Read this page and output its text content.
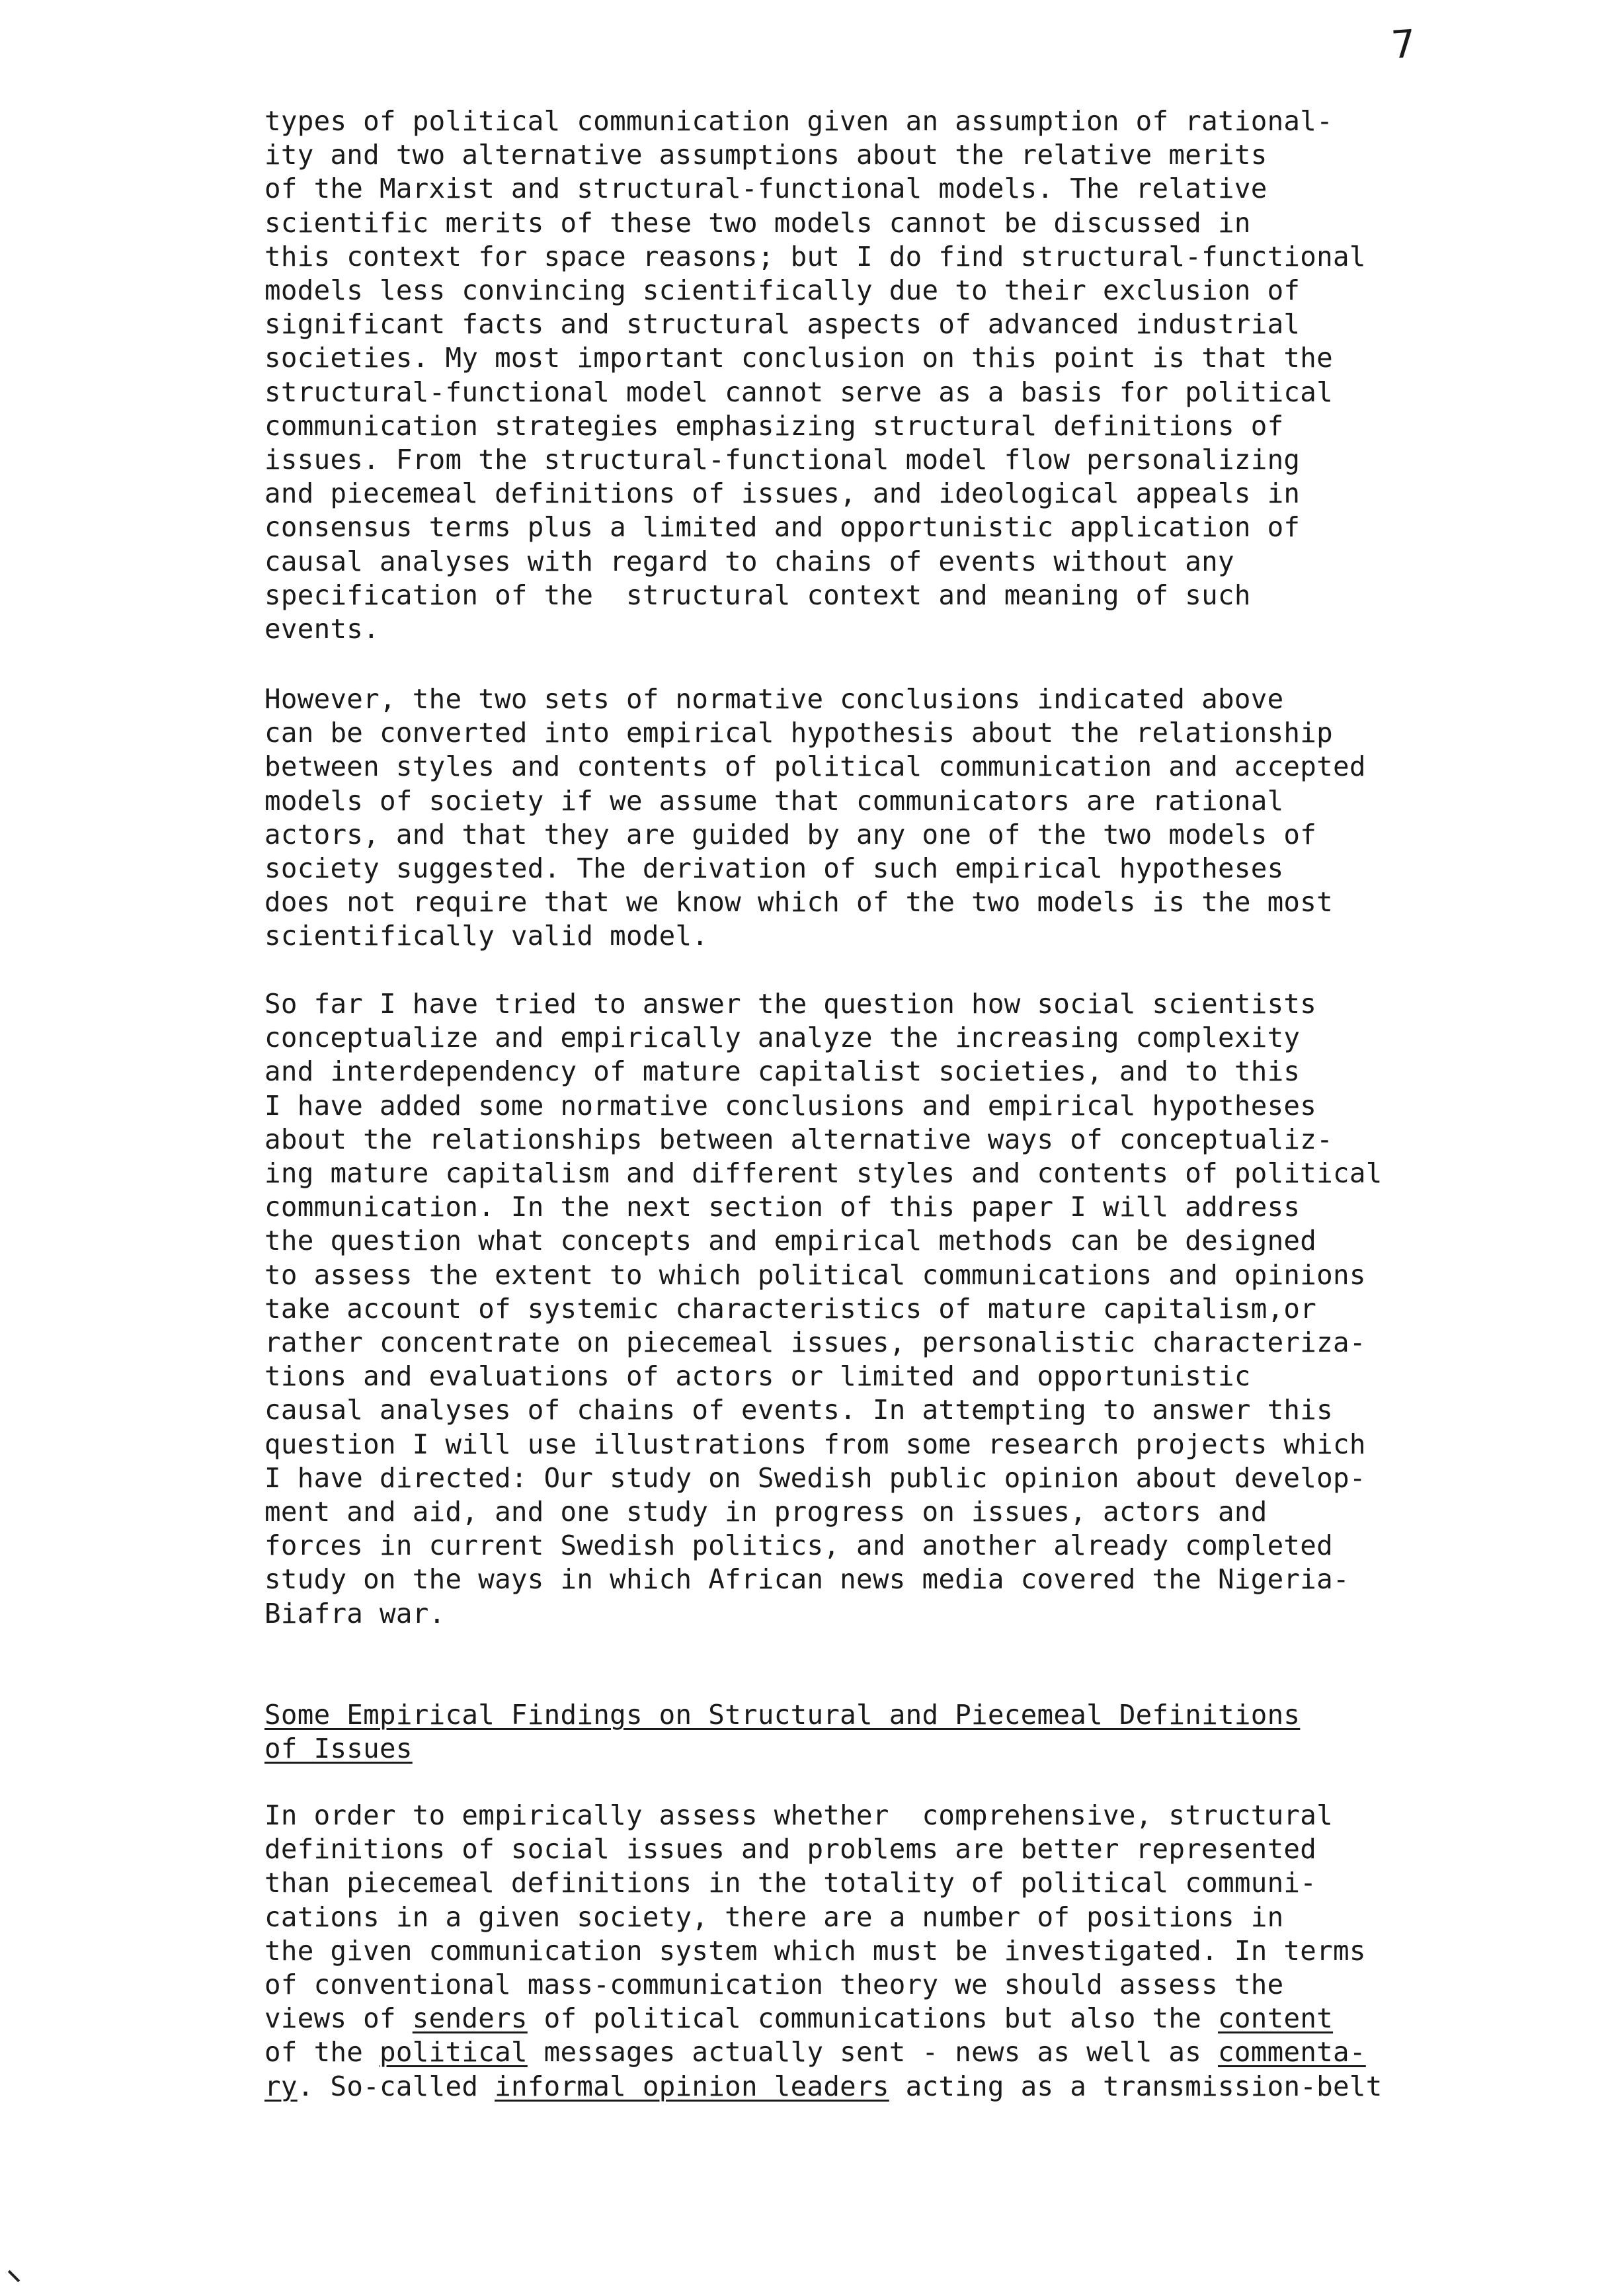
7

types of political communication given an assumption of rational-
ity and two alternative assumptions about the relative merits
of the Marxist and structural-functional models. The relative
scientific merits of these two models cannot be discussed in
this context for space reasons; but I do find structural-functional
models less convincing scientifically due to their exclusion of
significant facts and structural aspects of advanced industrial
societies. My most important conclusion on this point is that the
structural-functional model cannot serve as a basis for political
communication strategies emphasizing structural definitions of
issues. From the structural-functional model flow personalizing
and piecemeal definitions of issues, and ideological appeals in
consensus terms plus a limited and opportunistic application of
causal analyses with regard to chains of events without any
specification of the  structural context and meaning of such
events.

However, the two sets of normative conclusions indicated above
can be converted into empirical hypothesis about the relationship
between styles and contents of political communication and accepted
models of society if we assume that communicators are rational
actors, and that they are guided by any one of the two models of
society suggested. The derivation of such empirical hypotheses
does not require that we know which of the two models is the most
scientifically valid model.

So far I have tried to answer the question how social scientists
conceptualize and empirically analyze the increasing complexity
and interdependency of mature capitalist societies, and to this
I have added some normative conclusions and empirical hypotheses
about the relationships between alternative ways of conceptualiz-
ing mature capitalism and different styles and contents of political
communication. In the next section of this paper I will address
the question what concepts and empirical methods can be designed
to assess the extent to which political communications and opinions
take account of systemic characteristics of mature capitalism,or
rather concentrate on piecemeal issues, personalistic characteriza-
tions and evaluations of actors or limited and opportunistic
causal analyses of chains of events. In attempting to answer this
question I will use illustrations from some research projects which
I have directed: Our study on Swedish public opinion about develop-
ment and aid, and one study in progress on issues, actors and
forces in current Swedish politics, and another already completed
study on the ways in which African news media covered the Nigeria-
Biafra war.

Some Empirical Findings on Structural and Piecemeal Definitions
of Issues

In order to empirically assess whether  comprehensive, structural
definitions of social issues and problems are better represented
than piecemeal definitions in the totality of political communi-
cations in a given society, there are a number of positions in
the given communication system which must be investigated. In terms
of conventional mass-communication theory we should assess the
views of senders of political communications but also the content
of the political messages actually sent - news as well as commenta-
ry. So-called informal opinion leaders acting as a transmission-belt
